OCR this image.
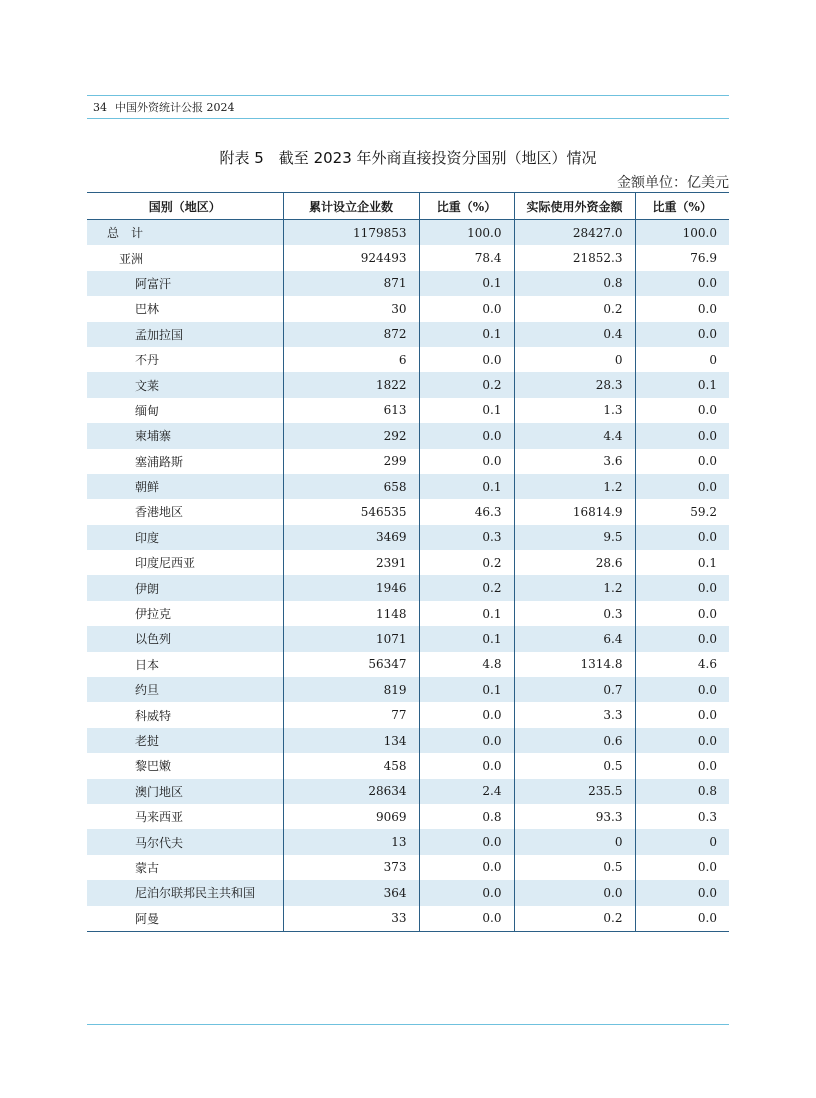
34 中国外资统计公报 2024
附表 5　截至 2023 年外商直接投资分国别（地区）情况
金额单位：亿美元
国别（地区）	累计设立企业数	比重（%）	实际使用外资金额	比重（%）
总　计	1179853	100.0	28427.0	100.0
亚洲	924493	78.4	21852.3	76.9
阿富汗	871	0.1	0.8	0.0
巴林	30	0.0	0.2	0.0
孟加拉国	872	0.1	0.4	0.0
不丹	6	0.0	0	0
文莱	1822	0.2	28.3	0.1
缅甸	613	0.1	1.3	0.0
柬埔寨	292	0.0	4.4	0.0
塞浦路斯	299	0.0	3.6	0.0
朝鲜	658	0.1	1.2	0.0
香港地区	546535	46.3	16814.9	59.2
印度	3469	0.3	9.5	0.0
印度尼西亚	2391	0.2	28.6	0.1
伊朗	1946	0.2	1.2	0.0
伊拉克	1148	0.1	0.3	0.0
以色列	1071	0.1	6.4	0.0
日本	56347	4.8	1314.8	4.6
约旦	819	0.1	0.7	0.0
科威特	77	0.0	3.3	0.0
老挝	134	0.0	0.6	0.0
黎巴嫩	458	0.0	0.5	0.0
澳门地区	28634	2.4	235.5	0.8
马来西亚	9069	0.8	93.3	0.3
马尔代夫	13	0.0	0	0
蒙古	373	0.0	0.5	0.0
尼泊尔联邦民主共和国	364	0.0	0.0	0.0
阿曼	33	0.0	0.2	0.0
